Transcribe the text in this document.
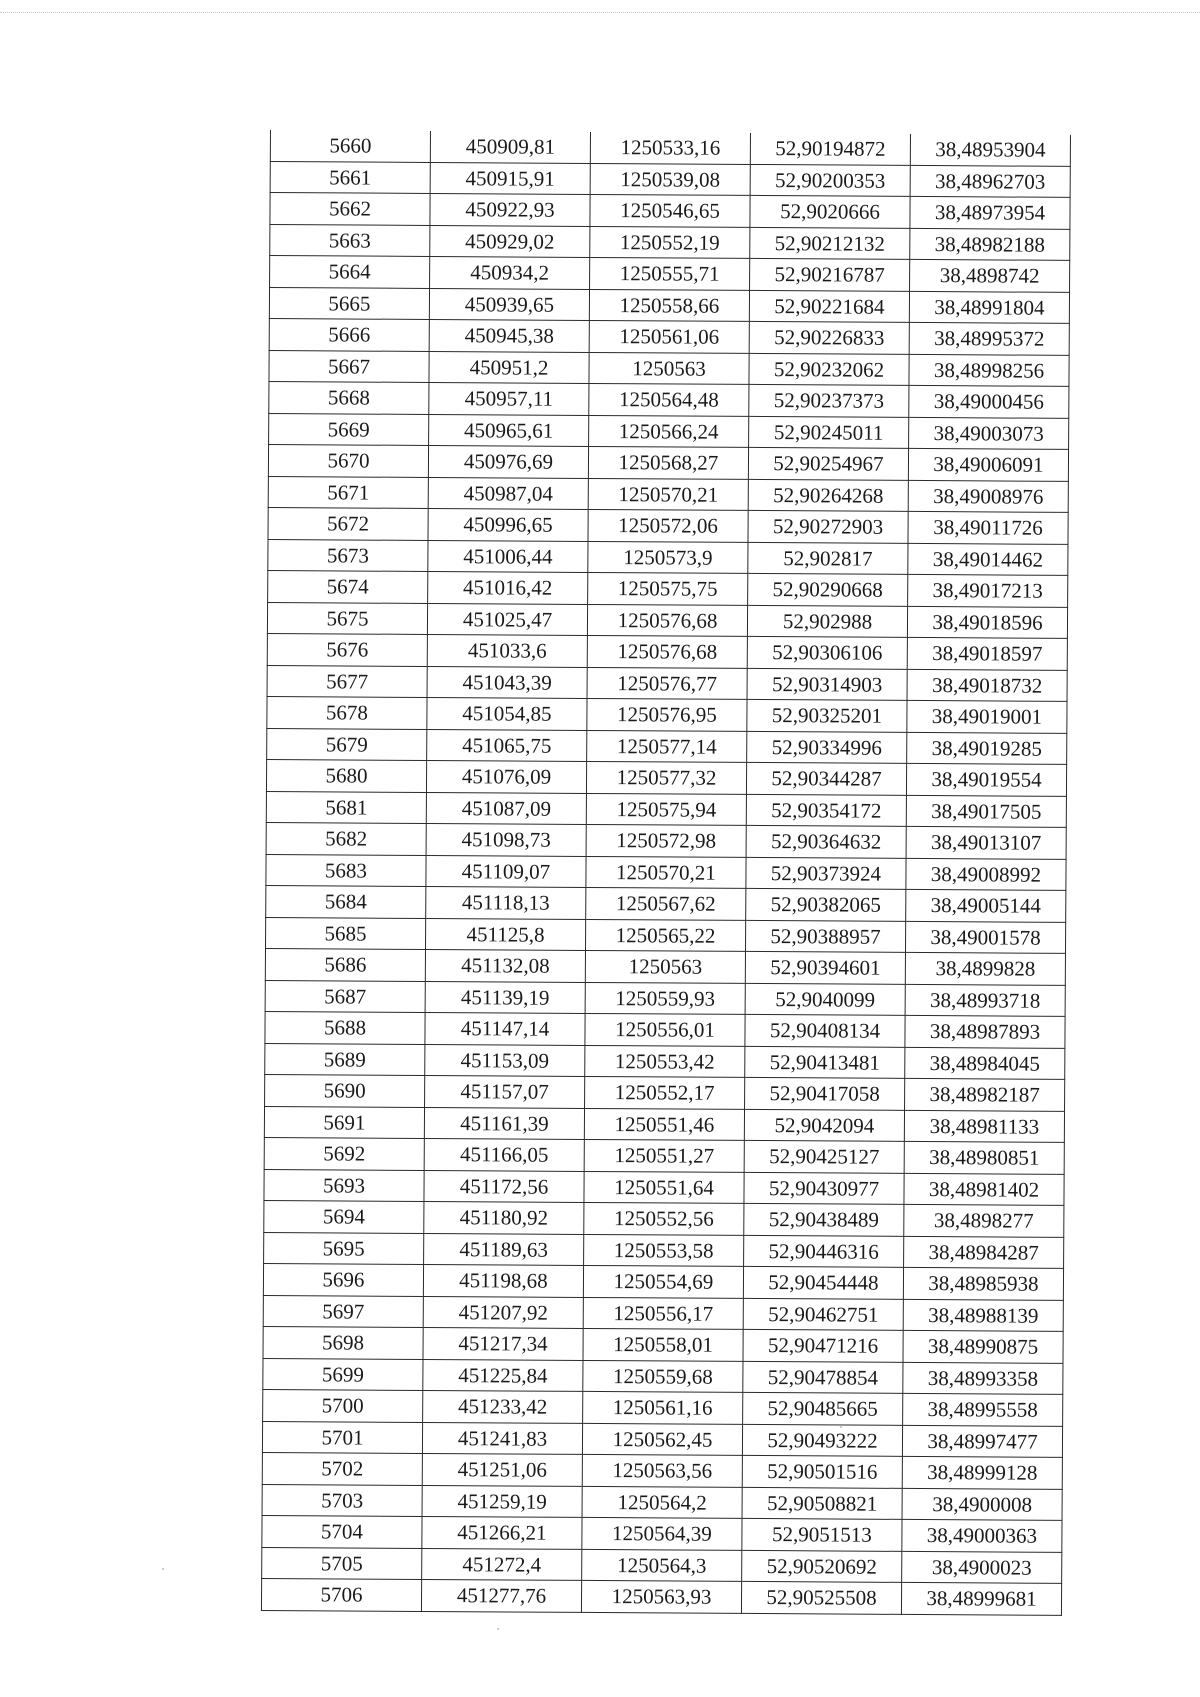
5660	450909,81	1250533,16	52,90194872	38,48953904
5661	450915,91	1250539,08	52,90200353	38,48962703
5662	450922,93	1250546,65	52,9020666	38,48973954
5663	450929,02	1250552,19	52,90212132	38,48982188
5664	450934,2	1250555,71	52,90216787	38,4898742
5665	450939,65	1250558,66	52,90221684	38,48991804
5666	450945,38	1250561,06	52,90226833	38,48995372
5667	450951,2	1250563	52,90232062	38,48998256
5668	450957,11	1250564,48	52,90237373	38,49000456
5669	450965,61	1250566,24	52,90245011	38,49003073
5670	450976,69	1250568,27	52,90254967	38,49006091
5671	450987,04	1250570,21	52,90264268	38,49008976
5672	450996,65	1250572,06	52,90272903	38,49011726
5673	451006,44	1250573,9	52,902817	38,49014462
5674	451016,42	1250575,75	52,90290668	38,49017213
5675	451025,47	1250576,68	52,902988	38,49018596
5676	451033,6	1250576,68	52,90306106	38,49018597
5677	451043,39	1250576,77	52,90314903	38,49018732
5678	451054,85	1250576,95	52,90325201	38,49019001
5679	451065,75	1250577,14	52,90334996	38,49019285
5680	451076,09	1250577,32	52,90344287	38,49019554
5681	451087,09	1250575,94	52,90354172	38,49017505
5682	451098,73	1250572,98	52,90364632	38,49013107
5683	451109,07	1250570,21	52,90373924	38,49008992
5684	451118,13	1250567,62	52,90382065	38,49005144
5685	451125,8	1250565,22	52,90388957	38,49001578
5686	451132,08	1250563	52,90394601	38,4899828
5687	451139,19	1250559,93	52,9040099	38,48993718
5688	451147,14	1250556,01	52,90408134	38,48987893
5689	451153,09	1250553,42	52,90413481	38,48984045
5690	451157,07	1250552,17	52,90417058	38,48982187
5691	451161,39	1250551,46	52,9042094	38,48981133
5692	451166,05	1250551,27	52,90425127	38,48980851
5693	451172,56	1250551,64	52,90430977	38,48981402
5694	451180,92	1250552,56	52,90438489	38,4898277
5695	451189,63	1250553,58	52,90446316	38,48984287
5696	451198,68	1250554,69	52,90454448	38,48985938
5697	451207,92	1250556,17	52,90462751	38,48988139
5698	451217,34	1250558,01	52,90471216	38,48990875
5699	451225,84	1250559,68	52,90478854	38,48993358
5700	451233,42	1250561,16	52,90485665	38,48995558
5701	451241,83	1250562,45	52,90493222	38,48997477
5702	451251,06	1250563,56	52,90501516	38,48999128
5703	451259,19	1250564,2	52,90508821	38,4900008
5704	451266,21	1250564,39	52,9051513	38,49000363
5705	451272,4	1250564,3	52,90520692	38,4900023
5706	451277,76	1250563,93	52,90525508	38,48999681
